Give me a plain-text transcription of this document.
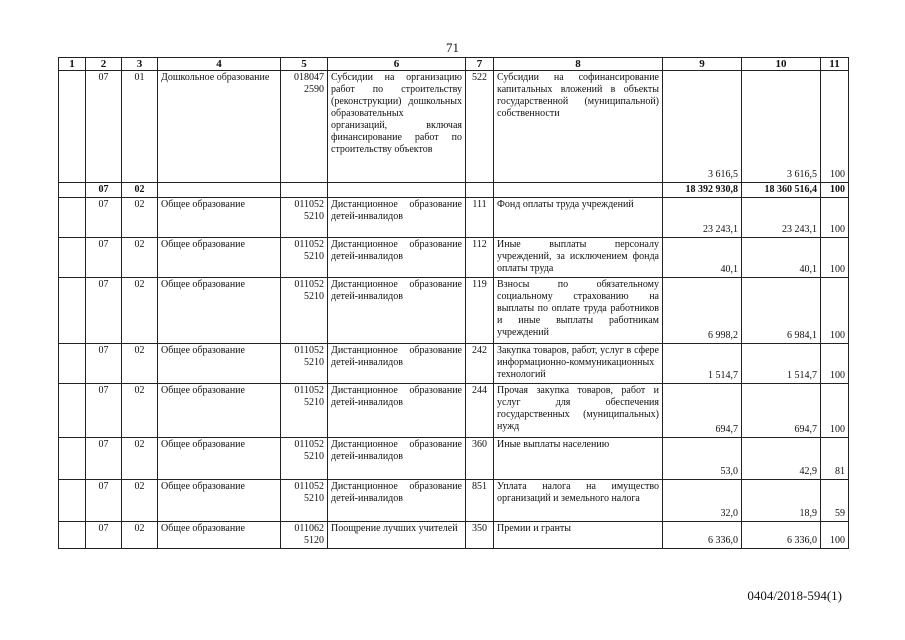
71
1	2	3	4	5	6	7	8	9	10	11
	07	01	Дошкольное образование	018047 2590	Субсидии на организацию работ по строительству (реконструкции) дошкольных образовательных организаций, включая финансирование работ по строительству объектов	522	Субсидии на софинансирование капитальных вложений в объекты государственной (муниципальной) собственности	3 616,5	3 616,5	100
	07	02						18 392 930,8	18 360 516,4	100
	07	02	Общее образование	011052 5210	Дистанционное образование детей-инвалидов	111	Фонд оплаты труда учреждений	23 243,1	23 243,1	100
	07	02	Общее образование	011052 5210	Дистанционное образование детей-инвалидов	112	Иные выплаты персоналу учреждений, за исключением фонда оплаты труда	40,1	40,1	100
	07	02	Общее образование	011052 5210	Дистанционное образование детей-инвалидов	119	Взносы по обязательному социальному страхованию на выплаты по оплате труда работников и иные выплаты работникам учреждений	6 998,2	6 984,1	100
	07	02	Общее образование	011052 5210	Дистанционное образование детей-инвалидов	242	Закупка товаров, работ, услуг в сфере информационно-коммуникационных технологий	1 514,7	1 514,7	100
	07	02	Общее образование	011052 5210	Дистанционное образование детей-инвалидов	244	Прочая закупка товаров, работ и услуг для обеспечения государственных (муниципальных) нужд	694,7	694,7	100
	07	02	Общее образование	011052 5210	Дистанционное образование детей-инвалидов	360	Иные выплаты населению	53,0	42,9	81
	07	02	Общее образование	011052 5210	Дистанционное образование детей-инвалидов	851	Уплата налога на имущество организаций и земельного налога	32,0	18,9	59
	07	02	Общее образование	011062 5120	Поощрение лучших учителей	350	Премии и гранты	6 336,0	6 336,0	100
0404/2018-594(1)
